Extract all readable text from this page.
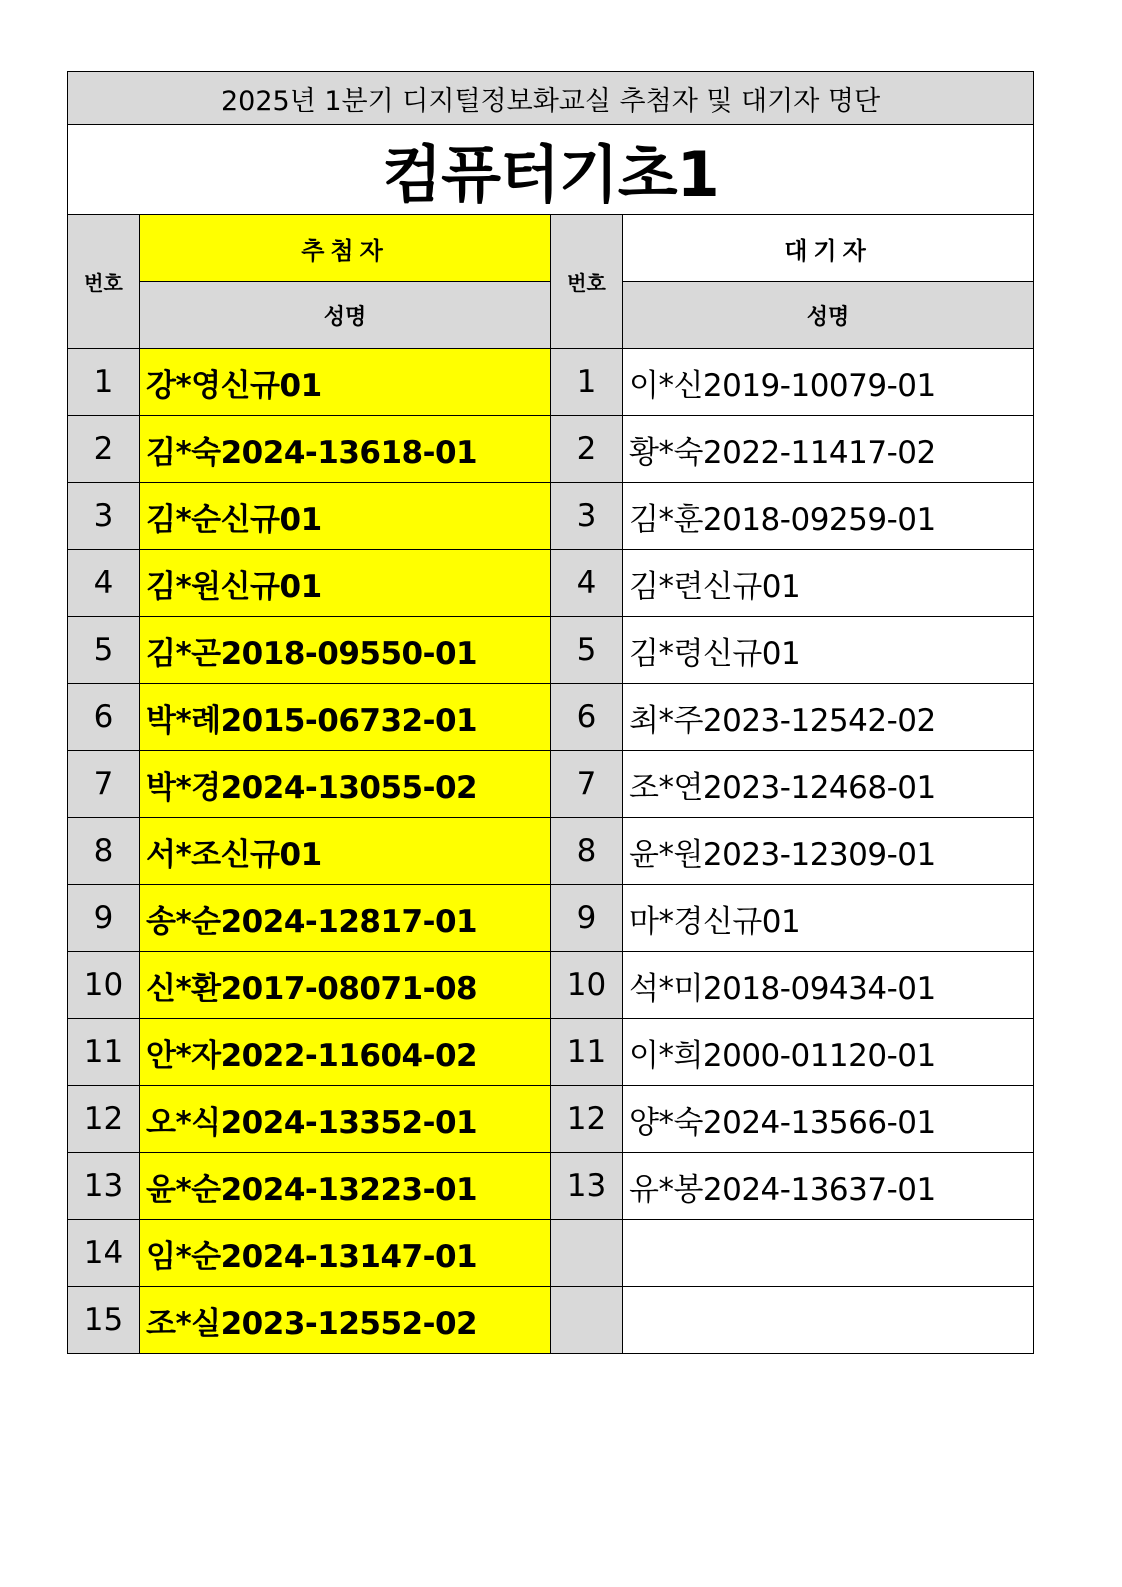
2025년 1분기 디지털정보화교실 추첨자 및 대기자 명단			
컴퓨터기초1			
번호	추첨자	번호	대기자
	성명		성명
1	강*영신규01	1	이*신2019-10079-01
2	김*숙2024-13618-01	2	황*숙2022-11417-02
3	김*순신규01	3	김*훈2018-09259-01
4	김*원신규01	4	김*련신규01
5	김*곤2018-09550-01	5	김*령신규01
6	박*례2015-06732-01	6	최*주2023-12542-02
7	박*경2024-13055-02	7	조*연2023-12468-01
8	서*조신규01	8	윤*원2023-12309-01
9	송*순2024-12817-01	9	마*경신규01
10	신*환2017-08071-08	10	석*미2018-09434-01
11	안*자2022-11604-02	11	이*희2000-01120-01
12	오*식2024-13352-01	12	양*숙2024-13566-01
13	윤*순2024-13223-01	13	유*봉2024-13637-01
14	임*순2024-13147-01		
15	조*실2023-12552-02		
